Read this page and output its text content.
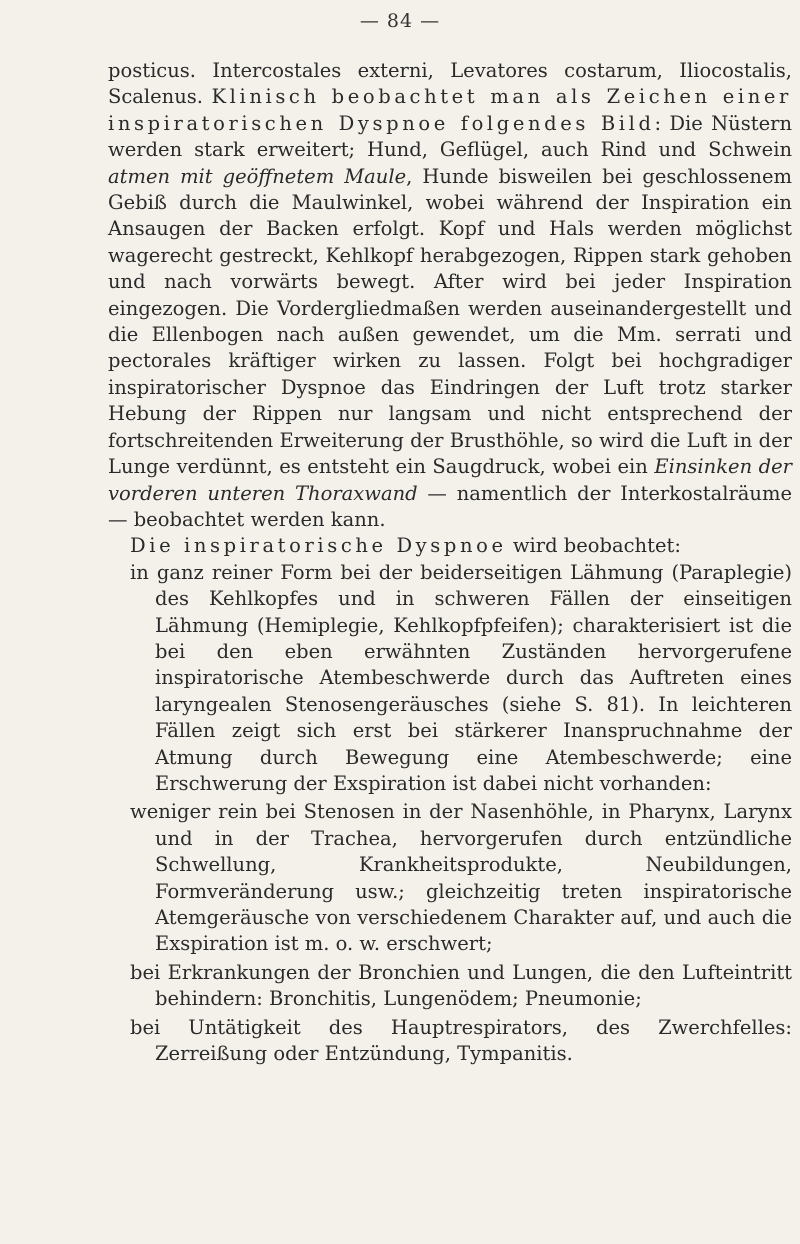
— 84 —

posticus. Intercostales externi, Levatores costarum, Iliocostalis, Scalenus. Klinisch beobachtet man als Zeichen einer inspiratorischen Dyspnoe folgendes Bild: Die Nüstern werden stark erweitert; Hund, Geflügel, auch Rind und Schwein atmen mit geöffnetem Maule, Hunde bisweilen bei geschlossenem Gebiß durch die Maulwinkel, wobei während der Inspiration ein Ansaugen der Backen erfolgt. Kopf und Hals werden möglichst wagerecht gestreckt, Kehlkopf herabgezogen, Rippen stark gehoben und nach vorwärts bewegt. After wird bei jeder Inspiration eingezogen. Die Vordergliedmaßen werden auseinandergestellt und die Ellenbogen nach außen gewendet, um die Mm. serrati und pectorales kräftiger wirken zu lassen. Folgt bei hochgradiger inspiratorischer Dyspnoe das Eindringen der Luft trotz starker Hebung der Rippen nur langsam und nicht entsprechend der fortschreitenden Erweiterung der Brusthöhle, so wird die Luft in der Lunge verdünnt, es entsteht ein Saugdruck, wobei ein Einsinken der vorderen unteren Thoraxwand — namentlich der Interkostalräume — beobachtet werden kann.

Die inspiratorische Dyspnoe wird beobachtet:

in ganz reiner Form bei der beiderseitigen Lähmung (Paraplegie) des Kehlkopfes und in schweren Fällen der einseitigen Lähmung (Hemiplegie, Kehlkopfpfeifen); charakterisiert ist die bei den eben erwähnten Zuständen hervorgerufene inspiratorische Atembeschwerde durch das Auftreten eines laryngealen Stenosengeräusches (siehe S. 81). In leichteren Fällen zeigt sich erst bei stärkerer Inanspruchnahme der Atmung durch Bewegung eine Atembeschwerde; eine Erschwerung der Exspiration ist dabei nicht vorhanden:
weniger rein bei Stenosen in der Nasenhöhle, in Pharynx, Larynx und in der Trachea, hervorgerufen durch entzündliche Schwellung, Krankheitsprodukte, Neubildungen, Formveränderung usw.; gleichzeitig treten inspiratorische Atemgeräusche von verschiedenem Charakter auf, und auch die Exspiration ist m. o. w. erschwert;
bei Erkrankungen der Bronchien und Lungen, die den Lufteintritt behindern: Bronchitis, Lungenödem; Pneumonie;
bei Untätigkeit des Hauptrespirators, des Zwerchfelles: Zerreißung oder Entzündung, Tympanitis.
